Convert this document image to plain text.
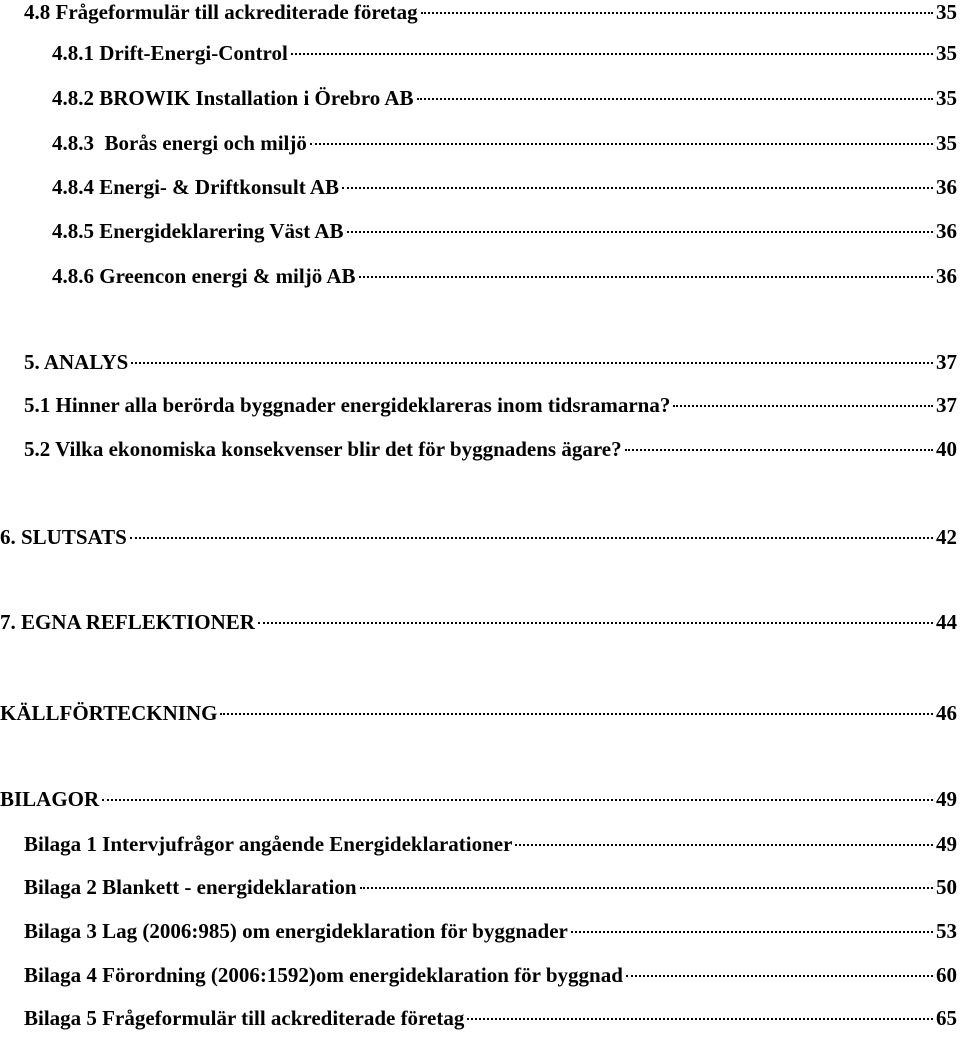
4.8 Frågeformulär till ackrediterade företag	35
4.8.1 Drift-Energi-Control	35
4.8.2 BROWIK Installation i Örebro AB	35
4.8.3  Borås energi och miljö	35
4.8.4 Energi- & Driftkonsult AB	36
4.8.5 Energideklarering Väst AB	36
4.8.6 Greencon energi & miljö AB	36
5. ANALYS	37
5.1 Hinner alla berörda byggnader energideklareras inom tidsramarna?	37
5.2 Vilka ekonomiska konsekvenser blir det för byggnadens ägare?	40
6. SLUTSATS	42
7. EGNA REFLEKTIONER	44
KÄLLFÖRTECKNING	46
BILAGOR	49
Bilaga 1 Intervjufrågor angående Energideklarationer	49
Bilaga 2 Blankett - energideklaration	50
Bilaga 3 Lag (2006:985) om energideklaration för byggnader	53
Bilaga 4 Förordning (2006:1592)om energideklaration för byggnad	60
Bilaga 5 Frågeformulär till ackrediterade företag	65
